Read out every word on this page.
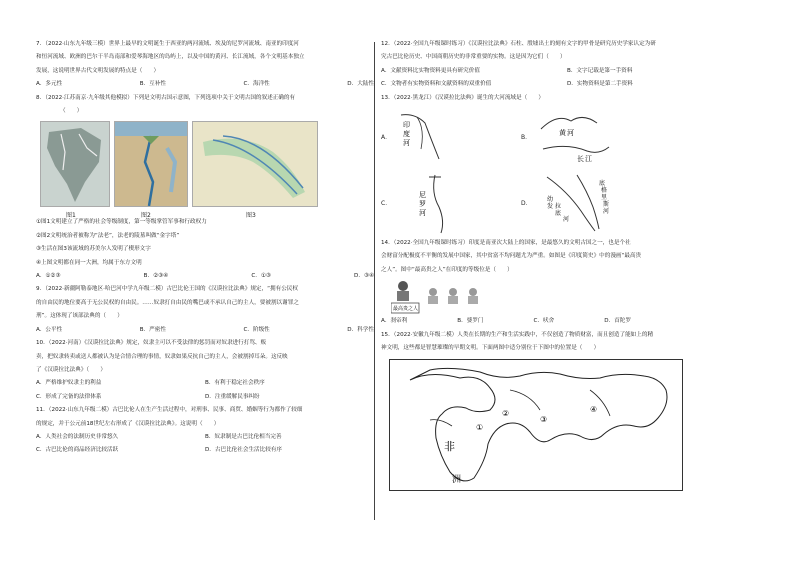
7．（2022·山东九年级三模）世界上最早的文明诞生于西亚的两河流域、埃及的尼罗河流域、南亚的印度河

和恒河流域、欧洲的巴尔干半岛南部和爱琴海地区的岛屿上，以及中国的黄河、长江流域，各个文明基本独立

发展，这说明世界古代文明发展的特点是（　　）

A．多元性	B．互补性	C．海洋性	D．大陆性

8．（2022·江苏南京·九年级其他模拟）下列是文明古国示意图，下列选项中关于文明古国的叙述正确的有

（　　）

图1	图2	图3

①图1文明建立了严格的社会等级制度，第一等级掌管军事和行政权力

②图2文明统治者被称为“法老”，法老的陵墓叫做“金字塔”

③生活在图3该流域的苏美尔人发明了楔形文字

④上图文明都在同一大洲，均属于东方文明

A．①②③	B．②③④	C．①③	D．③④

9．（2022·新疆阿勒泰地区·哈巴河中学九年级二模）古巴比伦王国的《汉谟拉比法典》规定，“拥有公民权

的自由民的地位要高于无公民权的自由民。……奴隶打自由民的嘴巴或不承认自己的主人，要被割以谢罪之

刑”。这体现了该部法典的（　　）

A．公平性	B．严密性	C．阶级性	D．科学性

10．（2022·河南）《汉谟拉比法典》规定，奴隶主可以不受法律的惩罚而对奴隶进行打骂、贩

卖，把奴隶转卖或送人都被认为是合情合理的事情，奴隶如果反抗自己的主人，会被割掉耳朵。这反映

了《汉谟拉比法典》（　　）

A．严格维护奴隶主的利益	B．有利于稳定社会秩序
C．形成了完备的法律体系	D．注重缓解民事纠纷

11．（2022·山东九年级二模）古巴比伦人在生产生活过程中，对刑事、民事、商贸、婚姻等行为都作了较细

的规定，并于公元前18世纪左右形成了《汉谟拉比法典》。这说明（　　）

A．人类社会的法制历史非常悠久	B．奴隶制是古巴比伦相当完善
C．古巴比伦的商品经济比较活跃	D．古巴比伦社会生活比较有序

12．（2022·全国九年级课时练习）《汉谟拉比法典》石柱、殷墟出土的刻有文字的甲骨是研究历史学家认定为研

究古巴比伦历史、中国商朝历史的非常重要的实物。这是因为它们（　　）

A．文献资料比实物资料更具有研究价值	B．文字记载是第一手资料
C．文物者有实物资料和文献资料的双重价值	D．实物资料是第二手资料

13．（2022·黑龙江）《汉谟拉比法典》诞生的大河流域是（　　）

A．
印
度
河
B．
黄 河
长 江
C．
尼
罗
河
D．
幼
发 拉
底
河
底
格
里
斯
河

14．（2022·全国九年级课时练习）印度是南亚次大陆上的国家，是最悠久的文明古国之一，也是个社

会财富分配极度不平衡的发展中国家，其中贫富不均问题尤为严重。如图是《印度简史》中的漫画“最高贵

之人”。图中“最高贵之人”在印度的等级位是（　　）

最高贵之人
A．刹帝利	B．婆罗门	C．吠舍	D．首陀罗

15．（2022·安徽九年级二模）人类在长期的生产和生活实践中，不仅创造了物质财富，而且创造了能如上的精

神文明，这些都是智慧璀璨的早期文明。下面两图中适分别位于下图中的位置是（　　）

非
洲
①
②
③
④
